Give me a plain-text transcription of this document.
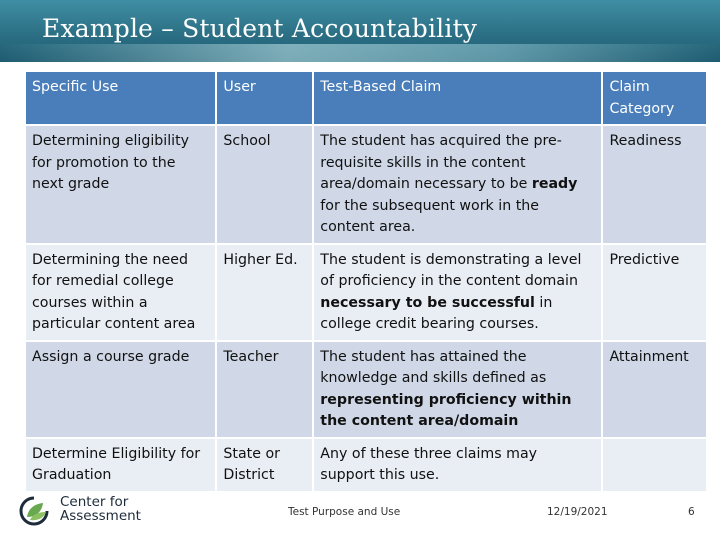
Example – Student Accountability
Specific Use	User	Test-Based Claim	Claim Category
Determining eligibility for promotion to the next grade	School	The student has acquired the pre-requisite skills in the content area/domain necessary to be ready for the subsequent work in the content area.	Readiness
Determining the need for remedial college courses within a particular content area	Higher Ed.	The student is demonstrating a level of proficiency in the content domain necessary to be successful in college credit bearing courses.	Predictive
Assign a course grade	Teacher	The student has attained the knowledge and skills defined as representing proficiency within the content area/domain	Attainment
Determine Eligibility for Graduation	State or District	Any of these three claims may support this use.	
Center for
Assessment	Test Purpose and Use	12/19/2021	6
